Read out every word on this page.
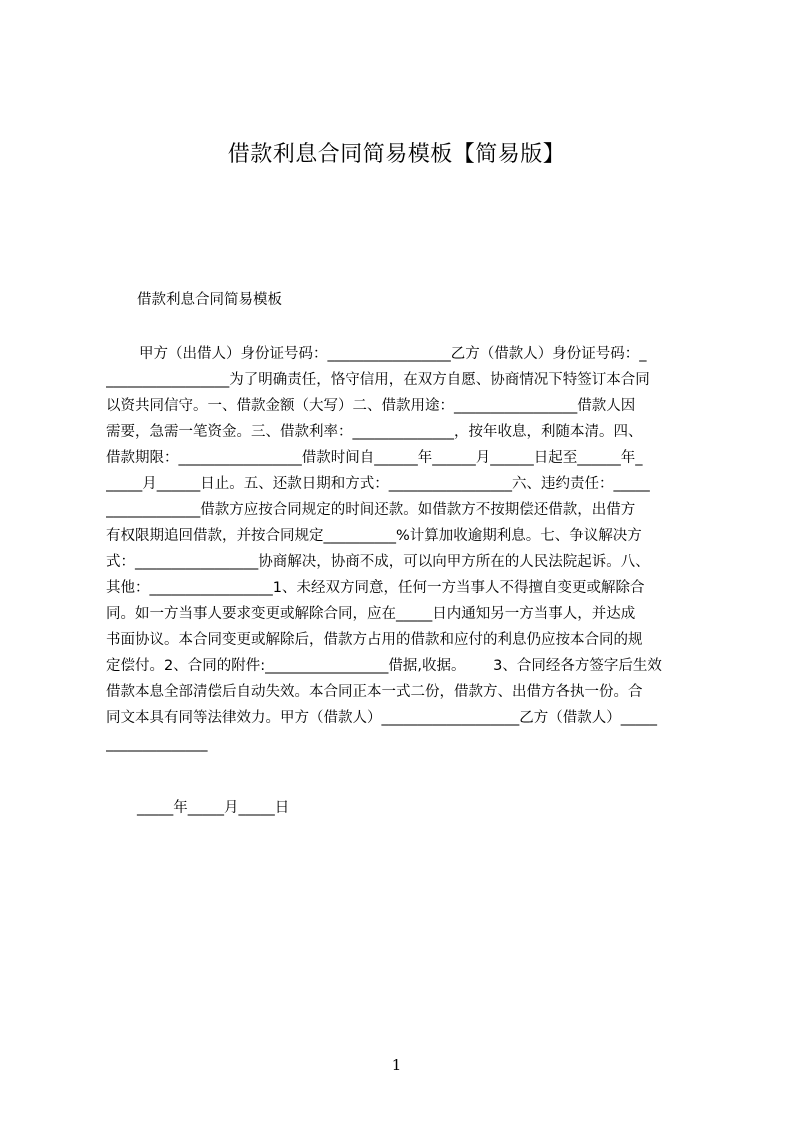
借款利息合同简易模板【简易版】
借款利息合同简易模板
甲方（出借人）身份证号码：_________________乙方（借款人）身份证号码：_
_________________为了明确责任，恪守信用，在双方自愿、协商情况下特签订本合同
以资共同信守。一、借款金额（大写）二、借款用途：_________________借款人因
需要，急需一笔资金。三、借款利率：______________，按年收息，利随本清。四、
借款期限：_________________借款时间自______年______月______日起至______年_
_____月______日止。五、还款日期和方式：_________________六、违约责任：_____
_____________借款方应按合同规定的时间还款。如借款方不按期偿还借款，出借方
有权限期追回借款，并按合同规定__________%计算加收逾期利息。七、争议解决方
式：_________________协商解决，协商不成，可以向甲方所在的人民法院起诉。八、
其他：_________________1、未经双方同意，任何一方当事人不得擅自变更或解除合
同。如一方当事人要求变更或解除合同，应在_____日内通知另一方当事人，并达成
书面协议。本合同变更或解除后，借款方占用的借款和应付的利息仍应按本合同的规
定偿付。2、合同的附件:_________________借据,收据。      3、合同经各方签字后生效
借款本息全部清偿后自动失效。本合同正本一式二份，借款方、出借方各执一份。合
同文本具有同等法律效力。甲方（借款人）___________________乙方（借款人）_____
______________
_____年_____月_____日
1
